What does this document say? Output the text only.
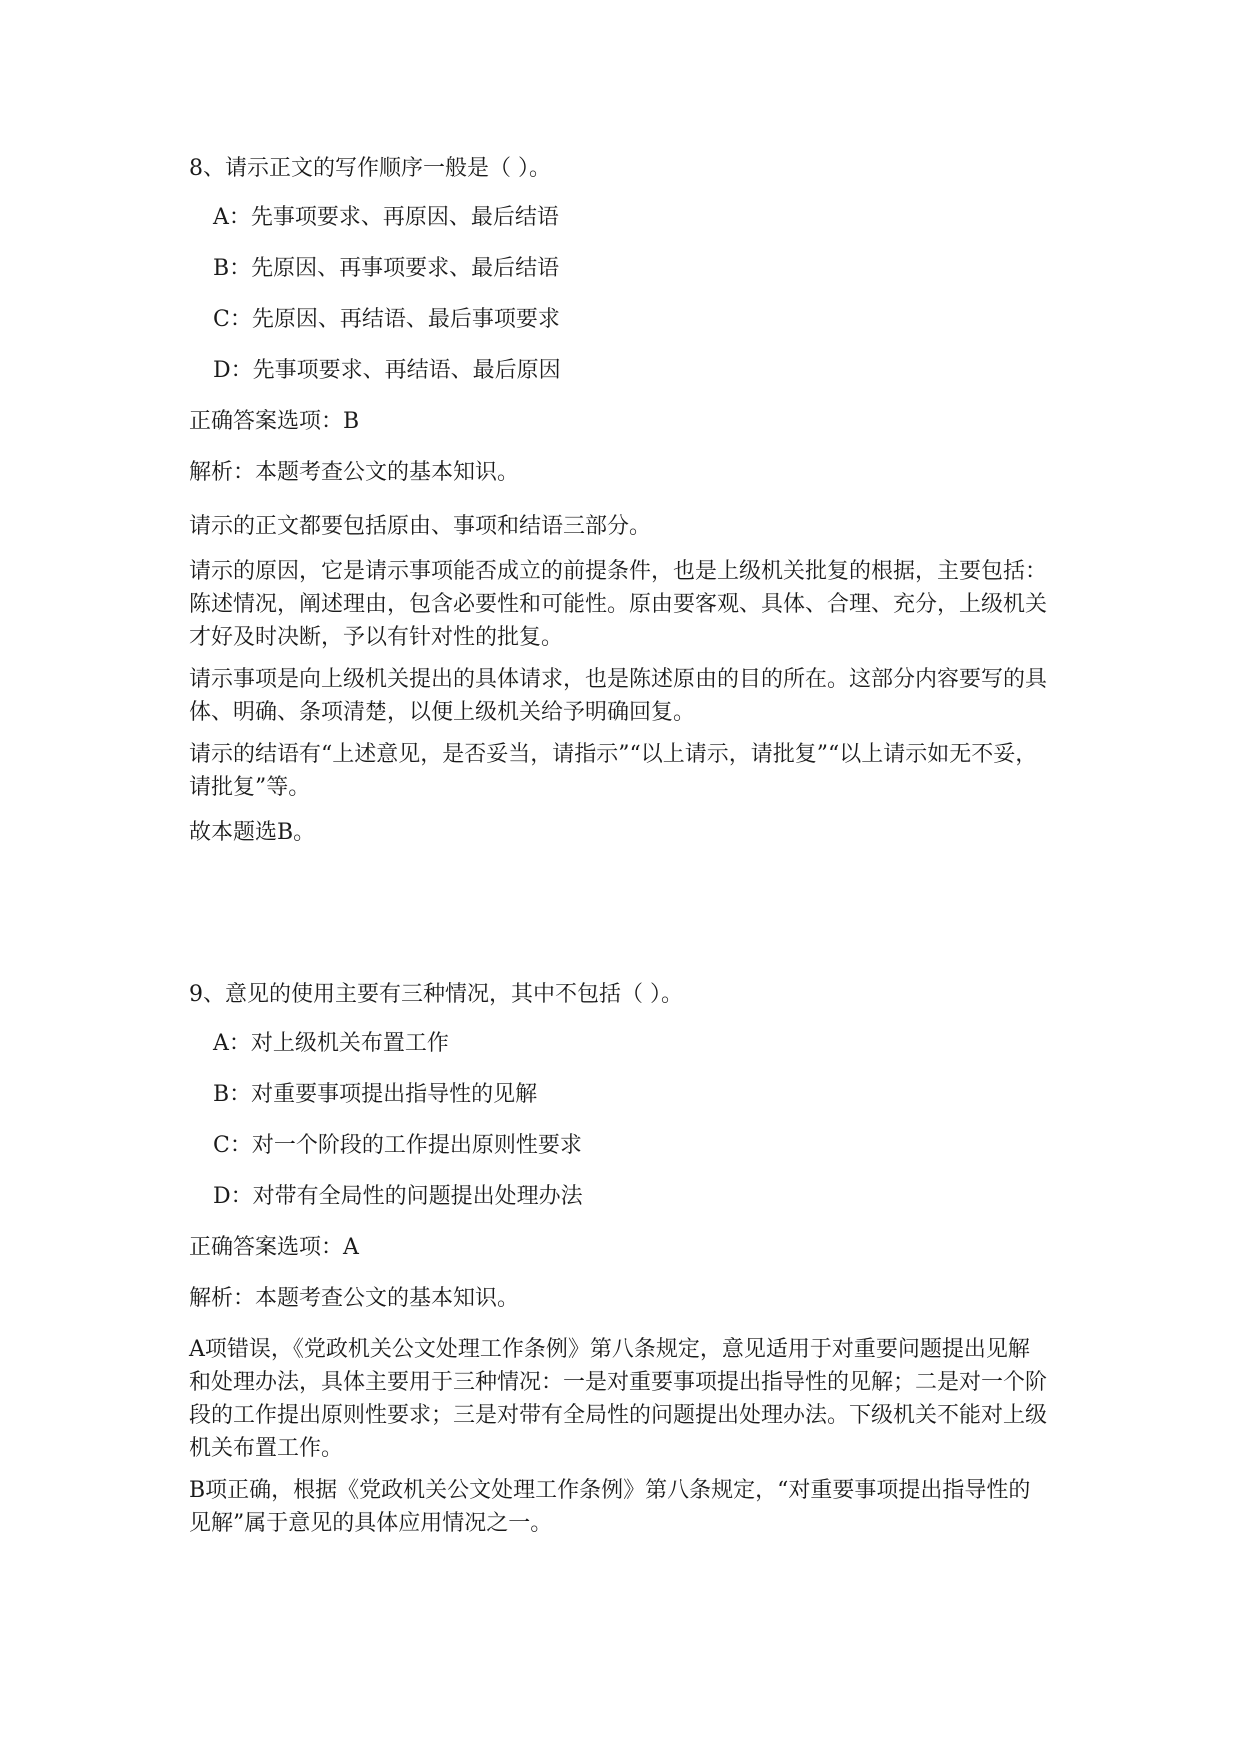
8、请示正文的写作顺序一般是（ ）。
A：先事项要求、再原因、最后结语
B：先原因、再事项要求、最后结语
C：先原因、再结语、最后事项要求
D：先事项要求、再结语、最后原因
正确答案选项：B
解析：本题考查公文的基本知识。

请示的正文都要包括原由、事项和结语三部分。

请示的原因，它是请示事项能否成立的前提条件，也是上级机关批复的根据，主要包括：陈述情况，阐述理由，包含必要性和可能性。原由要客观、具体、合理、充分，上级机关才好及时决断，予以有针对性的批复。

请示事项是向上级机关提出的具体请求，也是陈述原由的目的所在。这部分内容要写的具体、明确、条项清楚，以便上级机关给予明确回复。

请示的结语有“上述意见，是否妥当，请指示”“以上请示，请批复”“以上请示如无不妥，请批复”等。

故本题选B。

9、意见的使用主要有三种情况，其中不包括（ ）。
A：对上级机关布置工作
B：对重要事项提出指导性的见解
C：对一个阶段的工作提出原则性要求
D：对带有全局性的问题提出处理办法
正确答案选项：A
解析：本题考查公文的基本知识。

A项错误，《党政机关公文处理工作条例》第八条规定，意见适用于对重要问题提出见解和处理办法，具体主要用于三种情况：一是对重要事项提出指导性的见解；二是对一个阶段的工作提出原则性要求；三是对带有全局性的问题提出处理办法。下级机关不能对上级机关布置工作。

B项正确，根据《党政机关公文处理工作条例》第八条规定，“对重要事项提出指导性的见解”属于意见的具体应用情况之一。
